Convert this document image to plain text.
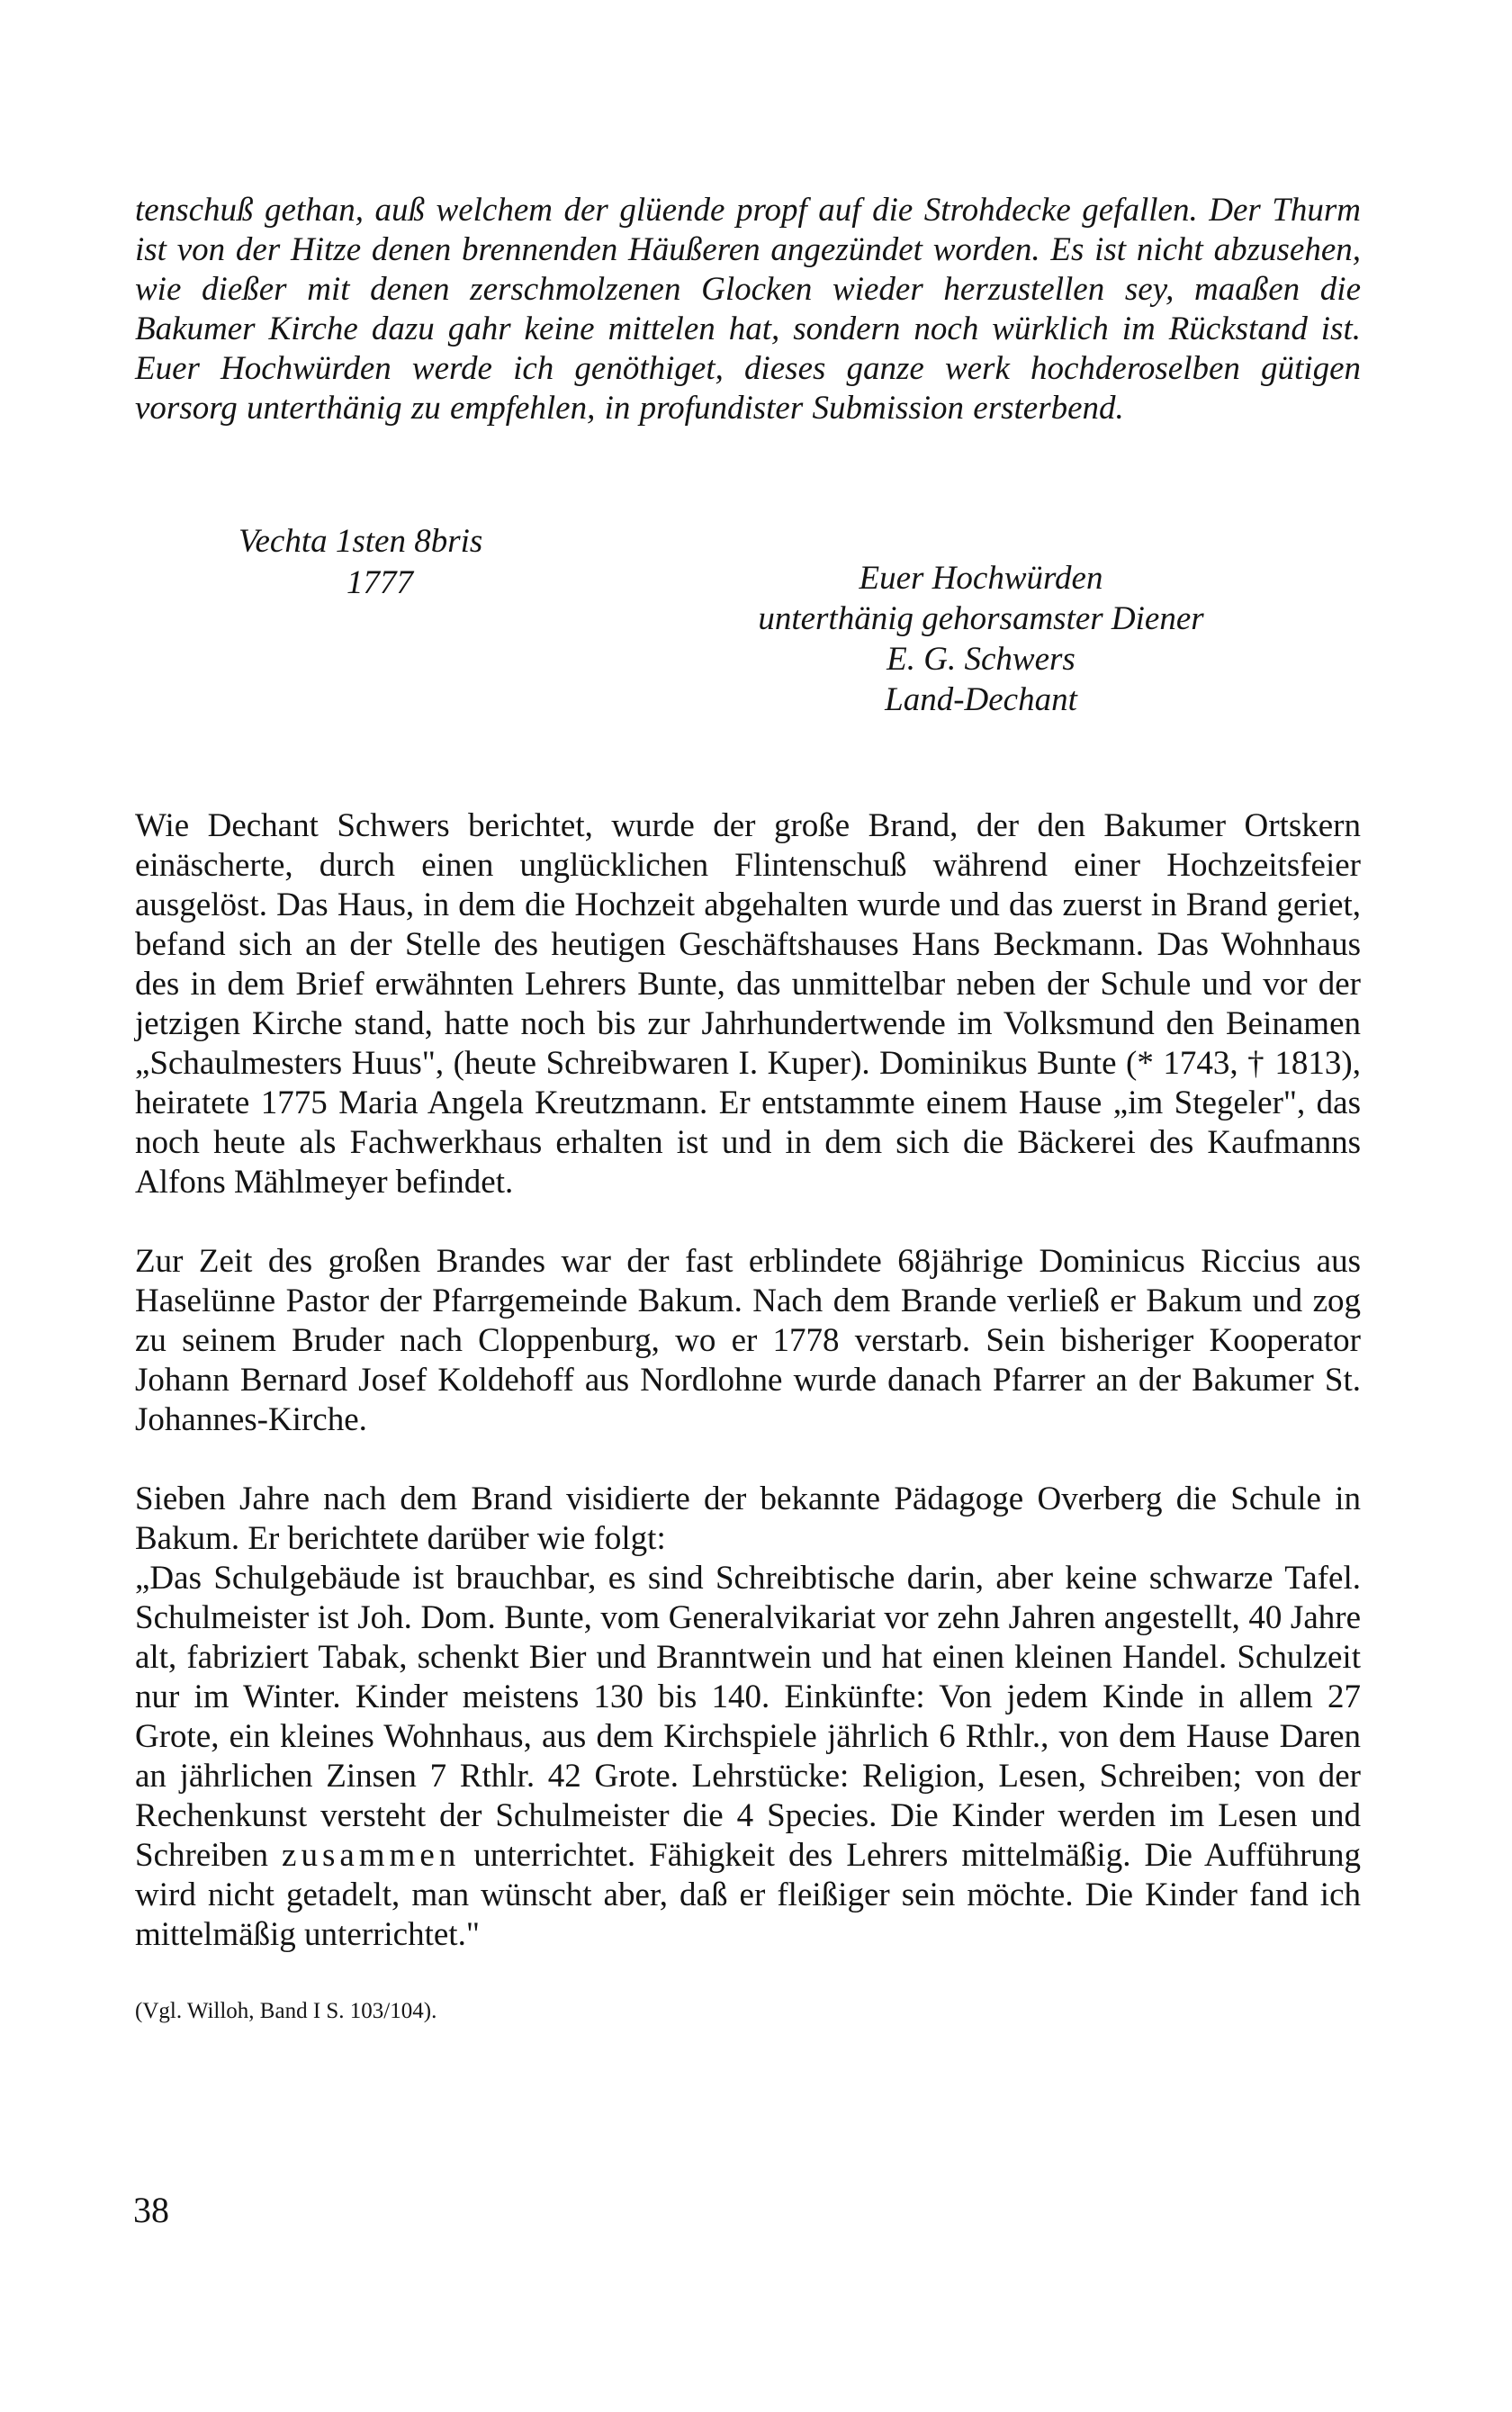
tenschuß gethan, auß welchem der glüende propf auf die Strohdecke gefallen. Der Thurm ist von der Hitze denen brennenden Häußeren angezündet worden. Es ist nicht abzusehen, wie dießer mit denen zerschmolzenen Glocken wieder herzustellen sey, maaßen die Bakumer Kirche dazu gahr keine mittelen hat, sondern noch würklich im Rückstand ist. Euer Hochwürden werde ich genöthiget, dieses ganze werk hochderoselben gütigen vorsorg unterthänig zu empfehlen, in profundister Submission ersterbend.
Vechta 1sten 8bris
1777	Euer Hochwürden
unterthänig gehorsamster Diener
E. G. Schwers
Land-Dechant

Wie Dechant Schwers berichtet, wurde der große Brand, der den Bakumer Ortskern einäscherte, durch einen unglücklichen Flintenschuß während einer Hochzeitsfeier ausgelöst. Das Haus, in dem die Hochzeit abgehalten wurde und das zuerst in Brand geriet, befand sich an der Stelle des heutigen Geschäftshauses Hans Beckmann. Das Wohnhaus des in dem Brief erwähnten Lehrers Bunte, das unmittelbar neben der Schule und vor der jetzigen Kirche stand, hatte noch bis zur Jahrhundertwende im Volksmund den Beinamen „Schaulmesters Huus", (heute Schreibwaren I. Kuper). Dominikus Bunte (* 1743, † 1813), heiratete 1775 Maria Angela Kreutzmann. Er entstammte einem Hause „im Stegeler", das noch heute als Fachwerkhaus erhalten ist und in dem sich die Bäckerei des Kaufmanns Alfons Mählmeyer befindet.

Zur Zeit des großen Brandes war der fast erblindete 68jährige Dominicus Riccius aus Haselünne Pastor der Pfarrgemeinde Bakum. Nach dem Brande verließ er Bakum und zog zu seinem Bruder nach Cloppenburg, wo er 1778 verstarb. Sein bisheriger Kooperator Johann Bernard Josef Koldehoff aus Nordlohne wurde danach Pfarrer an der Bakumer St. Johannes-Kirche.

Sieben Jahre nach dem Brand visidierte der bekannte Pädagoge Overberg die Schule in Bakum. Er berichtete darüber wie folgt:
„Das Schulgebäude ist brauchbar, es sind Schreibtische darin, aber keine schwarze Tafel. Schulmeister ist Joh. Dom. Bunte, vom Generalvikariat vor zehn Jahren angestellt, 40 Jahre alt, fabriziert Tabak, schenkt Bier und Branntwein und hat einen kleinen Handel. Schulzeit nur im Winter. Kinder meistens 130 bis 140. Einkünfte: Von jedem Kinde in allem 27 Grote, ein kleines Wohnhaus, aus dem Kirchspiele jährlich 6 Rthlr., von dem Hause Daren an jährlichen Zinsen 7 Rthlr. 42 Grote. Lehrstücke: Religion, Lesen, Schreiben; von der Rechenkunst versteht der Schulmeister die 4 Species. Die Kinder werden im Lesen und Schreiben zusammen unterrichtet. Fähigkeit des Lehrers mittelmäßig. Die Aufführung wird nicht getadelt, man wünscht aber, daß er fleißiger sein möchte. Die Kinder fand ich mittelmäßig unterrichtet."
(Vgl. Willoh, Band I S. 103/104).
38
